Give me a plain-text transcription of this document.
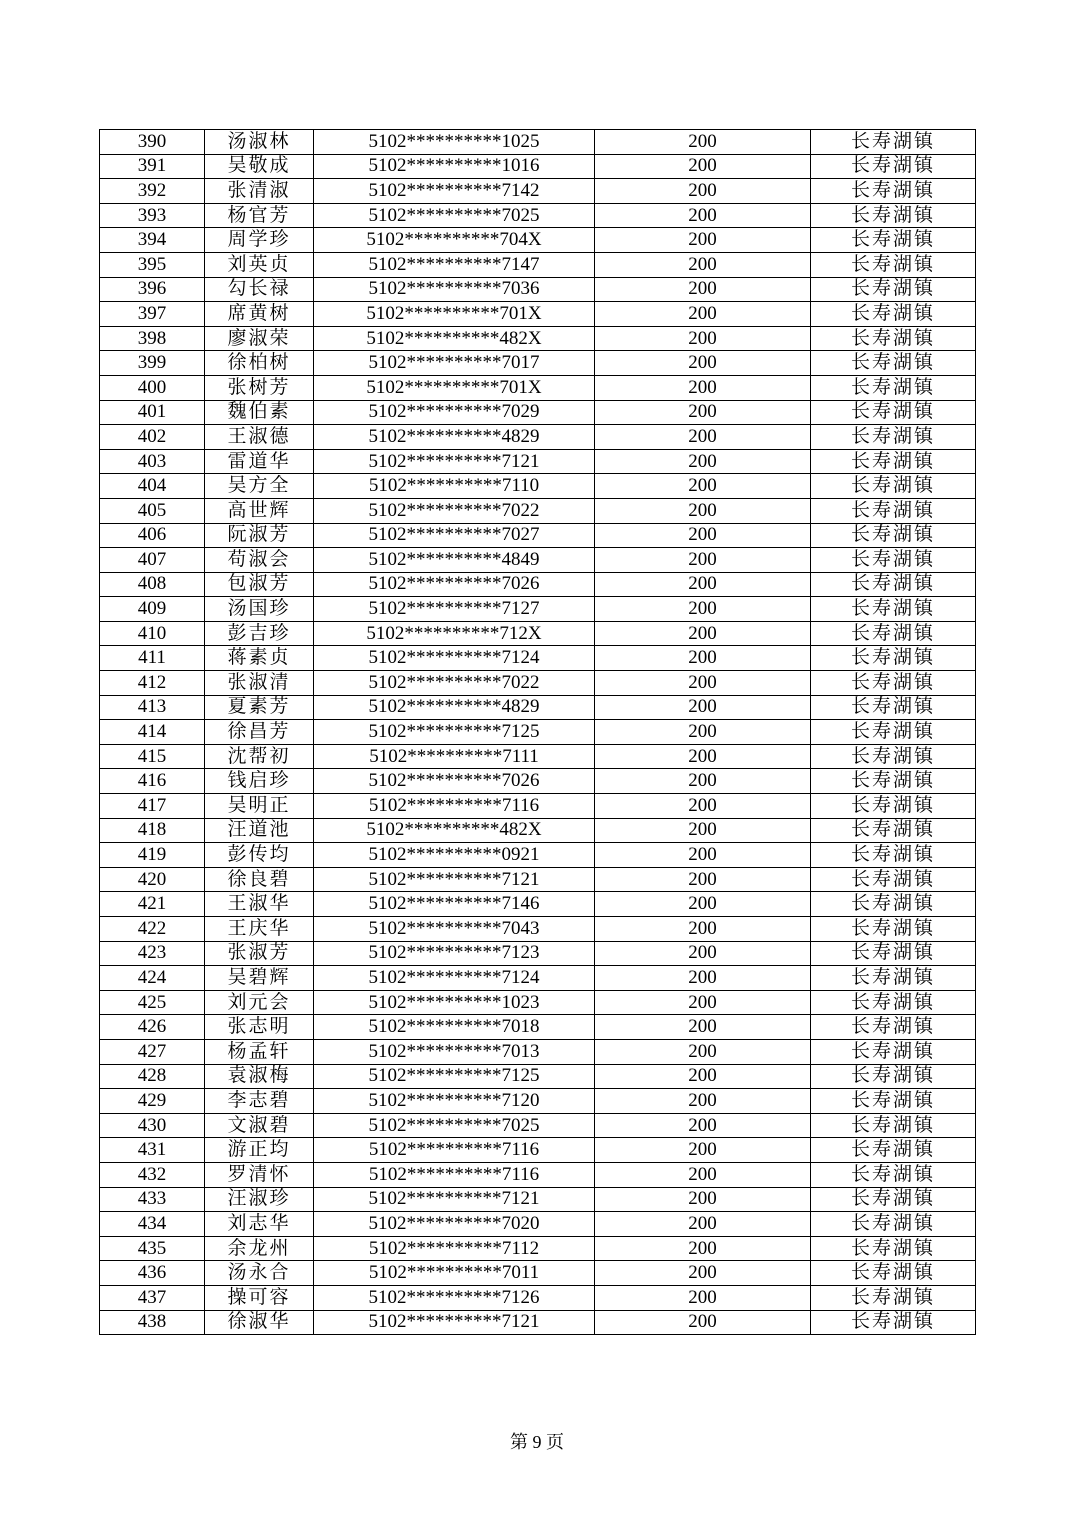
390	汤淑林	5102**********1025	200	长寿湖镇
391	吴敬成	5102**********1016	200	长寿湖镇
392	张清淑	5102**********7142	200	长寿湖镇
393	杨官芳	5102**********7025	200	长寿湖镇
394	周学珍	5102**********704X	200	长寿湖镇
395	刘英贞	5102**********7147	200	长寿湖镇
396	勾长禄	5102**********7036	200	长寿湖镇
397	席黄树	5102**********701X	200	长寿湖镇
398	廖淑荣	5102**********482X	200	长寿湖镇
399	徐柏树	5102**********7017	200	长寿湖镇
400	张树芳	5102**********701X	200	长寿湖镇
401	魏伯素	5102**********7029	200	长寿湖镇
402	王淑德	5102**********4829	200	长寿湖镇
403	雷道华	5102**********7121	200	长寿湖镇
404	吴方全	5102**********7110	200	长寿湖镇
405	高世辉	5102**********7022	200	长寿湖镇
406	阮淑芳	5102**********7027	200	长寿湖镇
407	苟淑会	5102**********4849	200	长寿湖镇
408	包淑芳	5102**********7026	200	长寿湖镇
409	汤国珍	5102**********7127	200	长寿湖镇
410	彭吉珍	5102**********712X	200	长寿湖镇
411	蒋素贞	5102**********7124	200	长寿湖镇
412	张淑清	5102**********7022	200	长寿湖镇
413	夏素芳	5102**********4829	200	长寿湖镇
414	徐昌芳	5102**********7125	200	长寿湖镇
415	沈帮初	5102**********7111	200	长寿湖镇
416	钱启珍	5102**********7026	200	长寿湖镇
417	吴明正	5102**********7116	200	长寿湖镇
418	汪道池	5102**********482X	200	长寿湖镇
419	彭传均	5102**********0921	200	长寿湖镇
420	徐良碧	5102**********7121	200	长寿湖镇
421	王淑华	5102**********7146	200	长寿湖镇
422	王庆华	5102**********7043	200	长寿湖镇
423	张淑芳	5102**********7123	200	长寿湖镇
424	吴碧辉	5102**********7124	200	长寿湖镇
425	刘元会	5102**********1023	200	长寿湖镇
426	张志明	5102**********7018	200	长寿湖镇
427	杨孟轩	5102**********7013	200	长寿湖镇
428	袁淑梅	5102**********7125	200	长寿湖镇
429	李志碧	5102**********7120	200	长寿湖镇
430	文淑碧	5102**********7025	200	长寿湖镇
431	游正均	5102**********7116	200	长寿湖镇
432	罗清怀	5102**********7116	200	长寿湖镇
433	汪淑珍	5102**********7121	200	长寿湖镇
434	刘志华	5102**********7020	200	长寿湖镇
435	余龙州	5102**********7112	200	长寿湖镇
436	汤永合	5102**********7011	200	长寿湖镇
437	操可容	5102**********7126	200	长寿湖镇
438	徐淑华	5102**********7121	200	长寿湖镇
第 9 页
